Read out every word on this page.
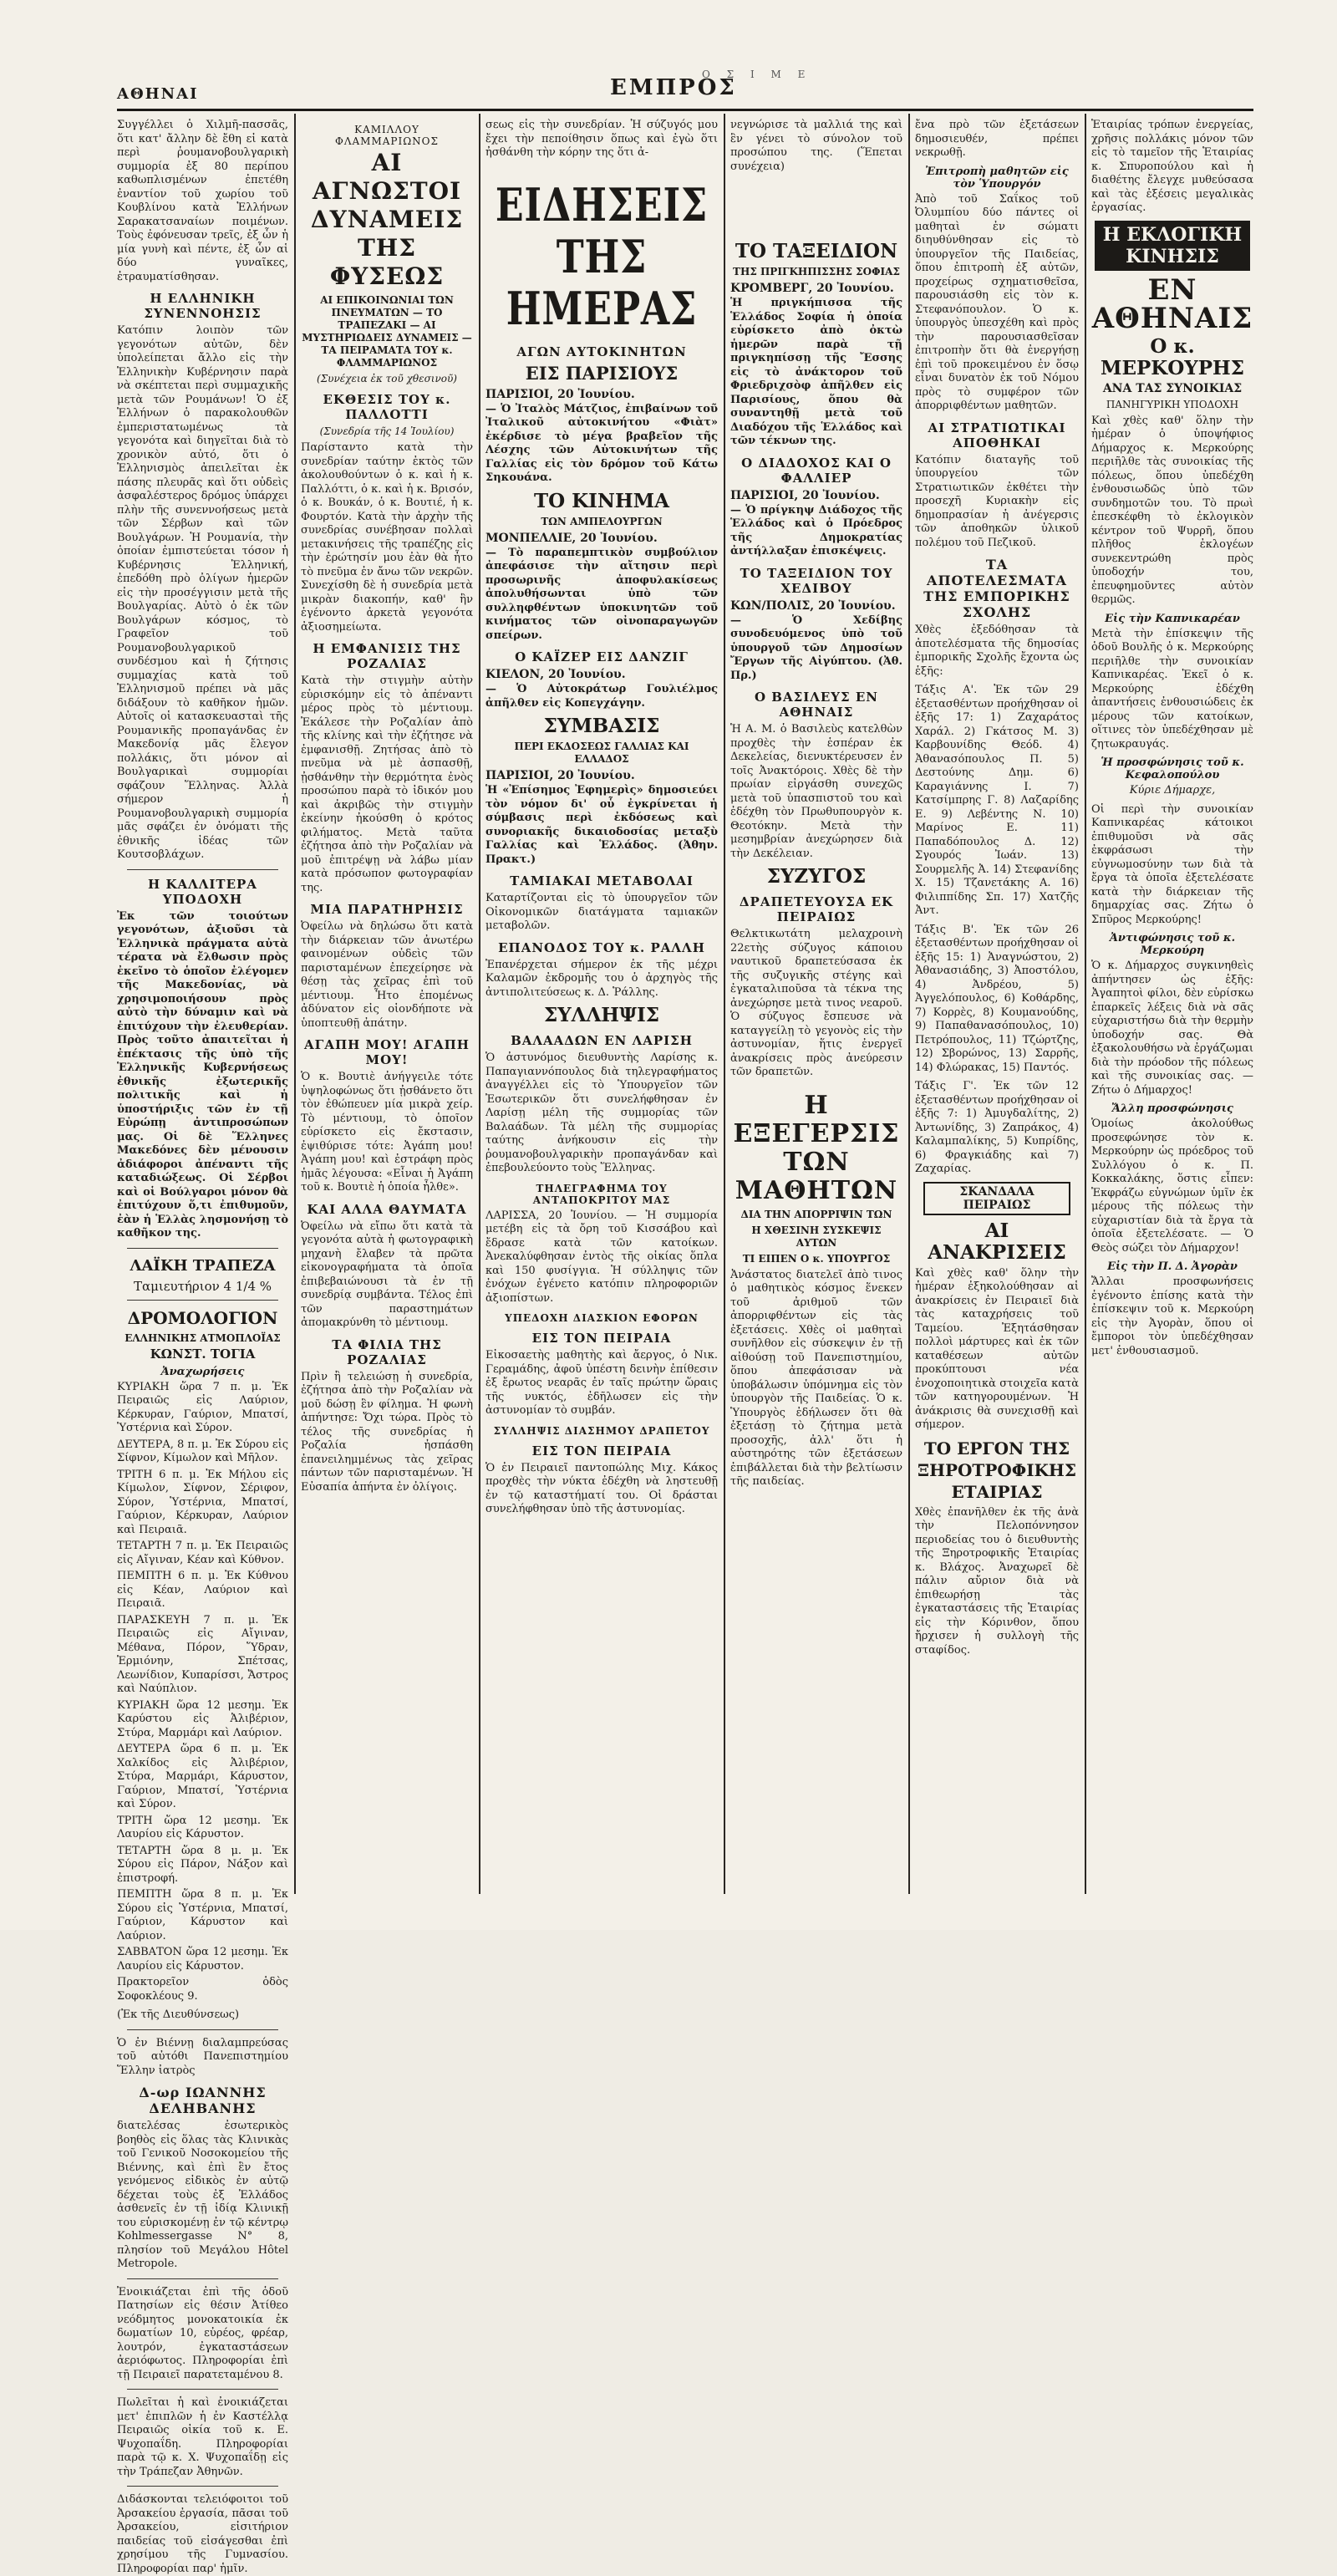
ΑΘΗΝΑΙ
Ο Σ Ι Μ Ε
ΕΜΠΡΟΣ

Συγγέλλει ὁ Χιλμῆ-πασσᾶς, ὅτι κατ' ἄλλην δὲ ἔθη εἰ κατὰ περὶ ῥουμανοβουλγαρικὴ συμμορία ἐξ 80 περίπου καθωπλισμένων ἐπετέθη ἐναντίον τοῦ χωρίου τοῦ Κουβλίνου κατὰ Ἑλλήνων Σαρακατσαναίων ποιμένων. Τοὺς ἐφόνευσαν τρεῖς, ἐξ ὧν ἡ μία γυνὴ καὶ πέντε, ἐξ ὧν αἱ δύο γυναῖκες, ἐτραυματίσθησαν.

Η ΕΛΛΗΝΙΚΗ ΣΥΝΕΝΝΟΗΣΙΣ

Κατόπιν λοιπὸν τῶν γεγονότων αὐτῶν, δὲν ὑπολείπεται ἄλλο εἰς τὴν Ἑλληνικὴν Κυβέρνησιν παρὰ νὰ σκέπτεται περὶ συμμαχικῆς μετὰ τῶν Ρουμάνων! Ὁ ἐξ Ἑλλήνων ὁ παρακολουθῶν ἐμπεριστατωμένως τὰ γεγονότα καὶ διηγεῖται διὰ τὸ χρονικὸν αὐτό, ὅτι ὁ Ἑλληνισμὸς ἀπειλεῖται ἐκ πάσης πλευρᾶς καὶ ὅτι οὐδεὶς ἀσφαλέστερος δρόμος ὑπάρχει πλὴν τῆς συνεννοήσεως μετὰ τῶν Σέρβων καὶ τῶν Βουλγάρων. Ἡ Ρουμανία, τὴν ὁποίαν ἐμπιστεύεται τόσον ἡ Κυβέρνησις Ἑλληνική, ἐπεδόθη πρὸ ὀλίγων ἡμερῶν εἰς τὴν προσέγγισιν μετὰ τῆς Βουλγαρίας. Αὐτὸ ὁ ἐκ τῶν Βουλγάρων κόσμος, τὸ Γραφεῖον τοῦ Ρουμανοβουλγαρικοῦ συνδέσμου καὶ ἡ ζήτησις συμμαχίας κατὰ τοῦ Ἑλληνισμοῦ πρέπει νὰ μᾶς διδάξουν τὸ καθῆκον ἡμῶν. Αὐτοῖς οἱ κατασκευασταὶ τῆς Ρουμανικῆς προπαγάνδας ἐν Μακεδονίᾳ μᾶς ἔλεγον πολλάκις, ὅτι μόνον αἱ Βουλγαρικαὶ συμμορίαι σφάζουν Ἕλληνας. Ἀλλὰ σήμερον ἡ Ρουμανοβουλγαρικὴ συμμορία μᾶς σφάζει ἐν ὀνόματι τῆς ἐθνικῆς ἰδέας τῶν Κουτσοβλάχων.

Η ΚΑΛΛΙΤΕΡΑ ΥΠΟΔΟΧΗ

Ἐκ τῶν τοιούτων γεγονότων, ἀξιοῦσι τὰ Ἑλληνικὰ πράγματα αὐτὰ τέρατα νὰ ἔλθωσιν πρὸς ἐκεῖνο τὸ ὁποῖον ἐλέγομεν τῆς Μακεδονίας, νὰ χρησιμοποιήσουν πρὸς αὐτὸ τὴν δύναμιν καὶ νὰ ἐπιτύχουν τὴν ἐλευθερίαν. Πρὸς τοῦτο ἀπαιτεῖται ἡ ἐπέκτασις τῆς ὑπὸ τῆς Ἑλληνικῆς Κυβερνήσεως ἐθνικῆς ἐξωτερικῆς πολιτικῆς καὶ ἡ ὑποστήριξις τῶν ἐν τῇ Εὐρώπῃ ἀντιπροσώπων μας. Οἱ δὲ Ἕλληνες Μακεδόνες δὲν μένουσιν ἀδιάφοροι ἀπέναντι τῆς καταδιώξεως. Οἱ Σέρβοι καὶ οἱ Βούλγαροι μόνον θὰ ἐπιτύχουν ὅ,τι ἐπιθυμοῦν, ἐὰν ἡ Ἑλλὰς λησμονήσῃ τὸ καθῆκον της.

ΛΑΪΚΗ ΤΡΑΠΕΖΑ
Ταμιευτήριον 4 1/4 %
ΔΡΟΜΟΛΟΓΙΟΝ
ΕΛΛΗΝΙΚΗΣ ΑΤΜΟΠΛΟΪΑΣ
ΚΩΝΣΤ. ΤΟΓΙΑ
Ἀναχωρήσεις

ΚΥΡΙΑΚΗ ὥρα 7 π. μ. Ἐκ Πειραιῶς εἰς Λαύριον, Κέρκυραν, Γαύριον, Μπατσί, Ὑστέρνια καὶ Σύρον.

ΔΕΥΤΕΡΑ, 8 π. μ. Ἐκ Σύρου εἰς Σίφνον, Κίμωλον καὶ Μῆλον.

ΤΡΙΤΗ 6 π. μ. Ἐκ Μήλου εἰς Κίμωλον, Σίφνον, Σέριφον, Σύρον, Ὑστέρνια, Μπατσί, Γαύριον, Κέρκυραν, Λαύριον καὶ Πειραιᾶ.

ΤΕΤΑΡΤΗ 7 π. μ. Ἐκ Πειραιῶς εἰς Αἴγιναν, Κέαν καὶ Κύθνον.

ΠΕΜΠΤΗ 6 π. μ. Ἐκ Κύθνου εἰς Κέαν, Λαύριον καὶ Πειραιᾶ.

ΠΑΡΑΣΚΕΥΗ 7 π. μ. Ἐκ Πειραιῶς εἰς Αἴγιναν, Μέθανα, Πόρον, Ὕδραν, Ἑρμιόνην, Σπέτσας, Λεωνίδιον, Κυπαρίσσι, Ἄστρος καὶ Ναύπλιον.

ΚΥΡΙΑΚΗ ὥρα 12 μεσημ. Ἐκ Καρύστου εἰς Ἀλιβέριον, Στύρα, Μαρμάρι καὶ Λαύριον.

ΔΕΥΤΕΡΑ ὥρα 6 π. μ. Ἐκ Χαλκίδος εἰς Ἀλιβέριον, Στύρα, Μαρμάρι, Κάρυστον, Γαύριον, Μπατσί, Ὑστέρνια καὶ Σύρον.

ΤΡΙΤΗ ὥρα 12 μεσημ. Ἐκ Λαυρίου εἰς Κάρυστον.

ΤΕΤΑΡΤΗ ὥρα 8 μ. μ. Ἐκ Σύρου εἰς Πάρον, Νάξον καὶ ἐπιστροφή.

ΠΕΜΠΤΗ ὥρα 8 π. μ. Ἐκ Σύρου εἰς Ὑστέρνια, Μπατσί, Γαύριον, Κάρυστον καὶ Λαύριον.

ΣΑΒΒΑΤΟΝ ὥρα 12 μεσημ. Ἐκ Λαυρίου εἰς Κάρυστον.

Πρακτορεῖον ὁδὸς Σοφοκλέους 9.

(Ἐκ τῆς Διευθύνσεως)

Ὁ ἐν Βιέννῃ διαλαμπρεύσας τοῦ αὐτόθι Πανεπιστημίου Ἕλλην ἰατρὸς

Δ-ωρ ΙΩΑΝΝΗΣ ΔΕΛΗΒΑΝΗΣ

διατελέσας ἐσωτερικὸς βοηθὸς εἰς ὅλας τὰς Κλινικὰς τοῦ Γενικοῦ Νοσοκομείου τῆς Βιέννης, καὶ ἐπὶ ἓν ἔτος γενόμενος εἰδικὸς ἐν αὐτῷ δέχεται τοὺς ἐξ Ἑλλάδος ἀσθενεῖς ἐν τῇ ἰδίᾳ Κλινικῇ του εὑρισκομένῃ ἐν τῷ κέντρῳ Kohlmessergasse N° 8, πλησίον τοῦ Μεγάλου Hôtel Metropole.

Ἐνοικιάζεται ἐπὶ τῆς ὁδοῦ Πατησίων εἰς θέσιν Ἀτίθεο νεόδμητος μονοκατοικία ἐκ δωματίων 10, εὐρέος, φρέαρ, λουτρόν, ἐγκαταστάσεων ἀεριόφωτος. Πληροφορίαι ἐπὶ τῇ Πειραιεῖ παρατεταμένου 8.

Πωλεῖται ἡ καὶ ἐνοικιάζεται μετ' ἐπιπλῶν ἡ ἐν Καστέλλᾳ Πειραιῶς οἰκία τοῦ κ. Ε. Ψυχοπαΐδη. Πληροφορίαι παρὰ τῷ κ. Χ. Ψυχοπαΐδῃ εἰς τὴν Τράπεζαν Ἀθηνῶν.

Διδάσκονται τελειόφοιτοι τοῦ Ἀρσακείου ἐργασία, πᾶσαι τοῦ Ἀρσακείου, εἰσιτήριον παιδείας τοῦ εἰσάγεσθαι ἐπὶ χρησίμου τῆς Γυμνασίου. Πληροφορίαι παρ' ἡμῖν.

ΚΑΜΙΛΛΟΥ ΦΛΑΜΜΑΡΙΩΝΟΣ
ΑΙ ΑΓΝΩΣΤΟΙ ΔΥΝΑΜΕΙΣ ΤΗΣ ΦΥΣΕΩΣ
ΑΙ ΕΠΙΚΟΙΝΩΝΙΑΙ ΤΩΝ ΠΝΕΥΜΑΤΩΝ — ΤΟ ΤΡΑΠΕΖΑΚΙ — ΑΙ ΜΥΣΤΗΡΙΩΔΕΙΣ ΔΥΝΑΜΕΙΣ — ΤΑ ΠΕΙΡΑΜΑΤΑ ΤΟΥ κ. ΦΛΑΜΜΑΡΙΩΝΟΣ
(Συνέχεια ἐκ τοῦ χθεσινοῦ)
ΕΚΘΕΣΙΣ ΤΟΥ κ. ΠΑΛΛΟΤΤΙ
(Συνεδρία τῆς 14 Ἰουλίου)

Παρίσταντο κατὰ τὴν συνεδρίαν ταύτην ἐκτὸς τῶν ἀκολουθούντων ὁ κ. καὶ ἡ κ. Παλλόττι, ὁ κ. καὶ ἡ κ. Βρισόν, ὁ κ. Βουκάν, ὁ κ. Βουτιέ, ἡ κ. Φουρτόν. Κατὰ τὴν ἀρχὴν τῆς συνεδρίας συνέβησαν πολλαὶ μετακινήσεις τῆς τραπέζης εἰς τὴν ἐρώτησίν μου ἐὰν θὰ ἦτο τὸ πνεῦμα ἐν ἄνω τῶν νεκρῶν. Συνεχίσθη δὲ ἡ συνεδρία μετὰ μικρὰν διακοπήν, καθ' ἣν ἐγένοντο ἀρκετὰ γεγονότα ἀξιοσημείωτα.

Η ΕΜΦΑΝΙΣΙΣ ΤΗΣ ΡΟΖΑΛΙΑΣ

Κατὰ τὴν στιγμὴν αὐτὴν εὑρισκόμην εἰς τὸ ἀπέναντι μέρος πρὸς τὸ μέντιουμ. Ἐκάλεσε τὴν Ροζαλίαν ἀπὸ τῆς κλίνης καὶ τὴν ἐζήτησε νὰ ἐμφανισθῇ. Ζητήσας ἀπὸ τὸ πνεῦμα νὰ μὲ ἀσπασθῇ, ᾐσθάνθην τὴν θερμότητα ἐνὸς προσώπου παρὰ τὸ ἰδικόν μου καὶ ἀκριβῶς τὴν στιγμὴν ἐκείνην ἠκούσθη ὁ κρότος φιλήματος. Μετὰ ταῦτα ἐζήτησα ἀπὸ τὴν Ροζαλίαν νὰ μοῦ ἐπιτρέψῃ νὰ λάβω μίαν κατὰ πρόσωπον φωτογραφίαν της.

ΜΙΑ ΠΑΡΑΤΗΡΗΣΙΣ

Ὀφείλω νὰ δηλώσω ὅτι κατὰ τὴν διάρκειαν τῶν ἀνωτέρω φαινομένων οὐδεὶς τῶν παρισταμένων ἐπεχείρησε νὰ θέσῃ τὰς χεῖρας ἐπὶ τοῦ μέντιουμ. Ἦτο ἐπομένως ἀδύνατον εἰς οἱονδήποτε νὰ ὑποπτευθῇ ἀπάτην.

ΑΓΑΠΗ ΜΟΥ! ΑΓΑΠΗ ΜΟΥ!

Ὁ κ. Βουτιὲ ἀνήγγειλε τότε ὑψηλοφώνως ὅτι ᾐσθάνετο ὅτι τὸν ἐθώπευεν μία μικρὰ χείρ. Τὸ μέντιουμ, τὸ ὁποῖον εὑρίσκετο εἰς ἔκστασιν, ἐψιθύρισε τότε: Ἀγάπη μου! Ἀγάπη μου! καὶ ἐστράφη πρὸς ἡμᾶς λέγουσα: «Εἶναι ἡ Ἀγάπη τοῦ κ. Βουτιὲ ἡ ὁποία ἦλθε».

ΚΑΙ ΑΛΛΑ ΘΑΥΜΑΤΑ

Ὀφείλω νὰ εἴπω ὅτι κατὰ τὰ γεγονότα αὐτὰ ἡ φωτογραφικὴ μηχανὴ ἔλαβεν τὰ πρῶτα εἰκονογραφήματα τὰ ὁποῖα ἐπιβεβαιώνουσι τὰ ἐν τῇ συνεδρίᾳ συμβάντα. Τέλος ἐπὶ τῶν παραστημάτων ἀπομακρύνθη τὸ μέντιουμ.

ΤΑ ΦΙΛΙΑ ΤΗΣ ΡΟΖΑΛΙΑΣ

Πρὶν ἢ τελειώσῃ ἡ συνεδρία, ἐζήτησα ἀπὸ τὴν Ροζαλίαν νὰ μοῦ δώσῃ ἓν φίλημα. Ἡ φωνὴ ἀπήντησε: Ὄχι τώρα. Πρὸς τὸ τέλος τῆς συνεδρίας ἡ Ροζαλία ἠσπάσθη ἐπανειλημμένως τὰς χεῖρας πάντων τῶν παρισταμένων. Ἡ Εὐσαπία ἀπήντα ἐν ὀλίγοις.

σεως εἰς τὴν συνεδρίαν. Ἡ σύζυγός μου ἔχει τὴν πεποίθησιν ὅπως καὶ ἐγὼ ὅτι ἠσθάνθη τὴν κόρην της ὅτι ἀ-

ΕΙΔΗΣΕΙΣ ΤΗΣ ΗΜΕΡΑΣ
ΑΓΩΝ ΑΥΤΟΚΙΝΗΤΩΝ
ΕΙΣ ΠΑΡΙΣΙΟΥΣ
ΠΑΡΙΣΙΟΙ, 20 Ἰουνίου.

— Ὁ Ἰταλὸς Μάτζιος, ἐπιβαίνων τοῦ Ἰταλικοῦ αὐτοκινήτου «Φιὰτ» ἐκέρδισε τὸ μέγα βραβεῖον τῆς Λέσχης τῶν Αὐτοκινήτων τῆς Γαλλίας εἰς τὸν δρόμον τοῦ Κάτω Σηκουάνα.

ΤΟ ΚΙΝΗΜΑ
ΤΩΝ ΑΜΠΕΛΟΥΡΓΩΝ
ΜΟΝΠΕΛΛΙΕ, 20 Ἰουνίου.

— Τὸ παραπεμπτικὸν συμβούλιον ἀπεφάσισε τὴν αἴτησιν περὶ προσωρινῆς ἀποφυλακίσεως ἀπολυθήσωνται ὑπὸ τῶν συλληφθέντων ὑποκινητῶν τοῦ κινήματος τῶν οἰνοπαραγωγῶν σπείρων.

Ο ΚΑΪΖΕΡ ΕΙΣ ΔΑΝΖΙΓ
ΚΙΕΛΟΝ, 20 Ἰουνίου.

— Ὁ Αὐτοκράτωρ Γουλιέλμος ἀπῆλθεν εἰς Κοπεγχάγην.

ΣΥΜΒΑΣΙΣ
ΠΕΡΙ ΕΚΔΟΣΕΩΣ ΓΑΛΛΙΑΣ ΚΑΙ ΕΛΛΑΔΟΣ
ΠΑΡΙΣΙΟΙ, 20 Ἰουνίου.

Ἡ «Ἐπίσημος Ἐφημερὶς» δημοσιεύει τὸν νόμον δι' οὗ ἐγκρίνεται ἡ σύμβασις περὶ ἐκδόσεως καὶ συνοριακῆς δικαιοδοσίας μεταξὺ Γαλλίας καὶ Ἑλλάδος. (Ἀθην. Πρακτ.)

ΤΑΜΙΑΚΑΙ ΜΕΤΑΒΟΛΑΙ

Καταρτίζονται εἰς τὸ ὑπουργεῖον τῶν Οἰκονομικῶν διατάγματα ταμιακῶν μεταβολῶν.

ΕΠΑΝΟΔΟΣ ΤΟΥ κ. ΡΑΛΛΗ

Ἐπανέρχεται σήμερον ἐκ τῆς μέχρι Καλαμῶν ἐκδρομῆς του ὁ ἀρχηγὸς τῆς ἀντιπολιτεύσεως κ. Δ. Ῥάλλης.

ΣΥΛΛΗΨΙΣ
ΒΑΛΑΑΔΩΝ ΕΝ ΛΑΡΙΣΗ

Ὁ ἀστυνόμος διευθυντὴς Λαρίσης κ. Παπαγιαννόπουλος διὰ τηλεγραφήματος ἀναγγέλλει εἰς τὸ Ὑπουργεῖον τῶν Ἐσωτερικῶν ὅτι συνελήφθησαν ἐν Λαρίσῃ μέλη τῆς συμμορίας τῶν Βαλαάδων. Τὰ μέλη τῆς συμμορίας ταύτης ἀνήκουσιν εἰς τὴν ῥουμανοβουλγαρικὴν προπαγάνδαν καὶ ἐπεβουλεύοντο τοὺς Ἕλληνας.

ΤΗΛΕΓΡΑΦΗΜΑ ΤΟΥ ΑΝΤΑΠΟΚΡΙΤΟΥ ΜΑΣ

ΛΑΡΙΣΣΑ, 20 Ἰουνίου. — Ἡ συμμορία μετέβη εἰς τὰ ὄρη τοῦ Κισσάβου καὶ ἔδρασε κατὰ τῶν κατοίκων. Ἀνεκαλύφθησαν ἐντὸς τῆς οἰκίας ὅπλα καὶ 150 φυσίγγια. Ἡ σύλληψις τῶν ἐνόχων ἐγένετο κατόπιν πληροφοριῶν ἀξιοπίστων.

ΥΠΕΔΟΧΗ ΔΙΑΣΚΙΟΝ ΕΦΟΡΩΝ
ΕΙΣ ΤΟΝ ΠΕΙΡΑΙΑ

Εἰκοσαετὴς μαθητὴς καὶ ἄεργος, ὁ Νικ. Γεραμάδης, ἀφοῦ ὑπέστη δεινὴν ἐπίθεσιν ἐξ ἔρωτος νεαρᾶς ἐν ταῖς πρώτην ὥραις τῆς νυκτός, ἐδῆλωσεν εἰς τὴν ἀστυνομίαν τὸ συμβάν.

ΣΥΛΛΗΨΙΣ ΔΙΑΣΗΜΟΥ ΔΡΑΠΕΤΟΥ
ΕΙΣ ΤΟΝ ΠΕΙΡΑΙΑ

Ὁ ἐν Πειραιεῖ παντοπώλης Μιχ. Κάκος προχθὲς τὴν νύκτα ἐδέχθη νὰ ληστευθῇ ἐν τῷ καταστήματί του. Οἱ δράσται συνελήφθησαν ὑπὸ τῆς ἀστυνομίας.

νεγνώρισε τὰ μαλλιά της καὶ ἓν γένει τὸ σύνολον τοῦ προσώπου της. (Ἕπεται συνέχεια)

ΤΟ ΤΑΞΕΙΔΙΟΝ
ΤΗΣ ΠΡΙΓΚΗΠΙΣΣΗΣ ΣΟΦΙΑΣ
ΚΡΟΜΒΕΡΓ, 20 Ἰουνίου.

Ἡ πριγκήπισσα τῆς Ἑλλάδος Σοφία ἡ ὁποία εὑρίσκετο ἀπὸ ὀκτὼ ἡμερῶν παρὰ τῇ πριγκηπίσσῃ τῆς Ἔσσης εἰς τὸ ἀνάκτορον τοῦ Φριεδριχσὸφ ἀπῆλθεν εἰς Παρισίους, ὅπου θὰ συναντηθῇ μετὰ τοῦ Διαδόχου τῆς Ἑλλάδος καὶ τῶν τέκνων της.

Ο ΔΙΑΔΟΧΟΣ ΚΑΙ Ο ΦΑΛΛΙΕΡ
ΠΑΡΙΣΙΟΙ, 20 Ἰουνίου.

— Ὁ πρίγκηψ Διάδοχος τῆς Ἑλλάδος καὶ ὁ Πρόεδρος τῆς Δημοκρατίας ἀντήλλαξαν ἐπισκέψεις.

ΤΟ ΤΑΞΕΙΔΙΟΝ ΤΟΥ ΧΕΔΙΒΟΥ
ΚΩΝ/ΠΟΛΙΣ, 20 Ἰουνίου.

— Ὁ Χεδίβης συνοδευόμενος ὑπὸ τοῦ ὑπουργοῦ τῶν Δημοσίων Ἔργων τῆς Αἰγύπτου. (Ἀθ. Πρ.)

Ο ΒΑΣΙΛΕΥΣ ΕΝ ΑΘΗΝΑΙΣ

Ἡ Α. Μ. ὁ Βασιλεὺς κατελθὼν προχθὲς τὴν ἑσπέραν ἐκ Δεκελείας, διενυκτέρευσεν ἐν τοῖς Ἀνακτόροις. Χθὲς δὲ τὴν πρωίαν εἰργάσθη συνεχῶς μετὰ τοῦ ὑπασπιστοῦ του καὶ ἐδέχθη τὸν Πρωθυπουργὸν κ. Θεοτόκην. Μετὰ τὴν μεσημβρίαν ἀνεχώρησεν διὰ τὴν Δεκέλειαν.

ΣΥΖΥΓΟΣ
ΔΡΑΠΕΤΕΥΟΥΣΑ ΕΚ ΠΕΙΡΑΙΩΣ

Θελκτικωτάτη μελαχροινὴ 22ετὴς σύζυγος κάποιου ναυτικοῦ δραπετεύσασα ἐκ τῆς συζυγικῆς στέγης καὶ ἐγκαταλιποῦσα τὰ τέκνα της ἀνεχώρησε μετὰ τινος νεαροῦ. Ὁ σύζυγος ἔσπευσε νὰ καταγγείλῃ τὸ γεγονὸς εἰς τὴν ἀστυνομίαν, ἥτις ἐνεργεῖ ἀνακρίσεις πρὸς ἀνεύρεσιν τῶν δραπετῶν.

Η ΕΞΕΓΕΡΣΙΣ ΤΩΝ ΜΑΘΗΤΩΝ
ΔΙΑ ΤΗΝ ΑΠΟΡΡΙΨΙΝ ΤΩΝ
Η ΧΘΕΣΙΝΗ ΣΥΣΚΕΨΙΣ ΑΥΤΩΝ
ΤΙ ΕΙΠΕΝ Ο κ. ΥΠΟΥΡΓΟΣ

Ἀνάστατος διατελεῖ ἀπὸ τινος ὁ μαθητικὸς κόσμος ἕνεκεν τοῦ ἀριθμοῦ τῶν ἀπορριφθέντων εἰς τὰς ἐξετάσεις. Χθὲς οἱ μαθηταὶ συνῆλθον εἰς σύσκεψιν ἐν τῇ αἰθούσῃ τοῦ Πανεπιστημίου, ὅπου ἀπεφάσισαν νὰ ὑποβάλωσιν ὑπόμνημα εἰς τὸν ὑπουργὸν τῆς Παιδείας. Ὁ κ. Ὑπουργὸς ἐδήλωσεν ὅτι θὰ ἐξετάσῃ τὸ ζήτημα μετὰ προσοχῆς, ἀλλ' ὅτι ἡ αὐστηρότης τῶν ἐξετάσεων ἐπιβάλλεται διὰ τὴν βελτίωσιν τῆς παιδείας.

ἔνα πρὸ τῶν ἐξετάσεων δημοσιευθέν, πρέπει νεκρωθῇ.

Ἐπιτροπὴ μαθητῶν εἰς τὸν Ὑπουργόν

Ἀπὸ τοῦ Σαΐκος τοῦ Ὀλυμπίου δύο πάντες οἱ μαθηταὶ ἐν σώματι διηυθύνθησαν εἰς τὸ ὑπουργεῖον τῆς Παιδείας, ὅπου ἐπιτροπὴ ἐξ αὐτῶν, προχείρως σχηματισθεῖσα, παρουσιάσθη εἰς τὸν κ. Στεφανόπουλον. Ὁ κ. ὑπουργὸς ὑπεσχέθη καὶ πρὸς τὴν παρουσιασθεῖσαν ἐπιτροπὴν ὅτι θὰ ἐνεργήσῃ ἐπὶ τοῦ προκειμένου ἐν ὅσῳ εἶναι δυνατὸν ἐκ τοῦ Νόμου πρὸς τὸ συμφέρον τῶν ἀπορριφθέντων μαθητῶν.

ΑΙ ΣΤΡΑΤΙΩΤΙΚΑΙ ΑΠΟΘΗΚΑΙ

Κατόπιν διαταγῆς τοῦ ὑπουργείου τῶν Στρατιωτικῶν ἐκθέτει τὴν προσεχῆ Κυριακὴν εἰς δημοπρασίαν ἡ ἀνέγερσις τῶν ἀποθηκῶν ὑλικοῦ πολέμου τοῦ Πεζικοῦ.

ΤΑ ΑΠΟΤΕΛΕΣΜΑΤΑ ΤΗΣ ΕΜΠΟΡΙΚΗΣ ΣΧΟΛΗΣ

Χθὲς ἐξεδόθησαν τὰ ἀποτελέσματα τῆς δημοσίας ἐμπορικῆς Σχολῆς ἔχοντα ὡς ἑξῆς:

Τάξις Α'. Ἐκ τῶν 29 ἐξετασθέντων προήχθησαν οἱ ἑξῆς 17: 1) Ζαχαράτος Χαράλ. 2) Γκάτσος Μ. 3) Καρβουνίδης Θεόδ. 4) Ἀθανασόπουλος Π. 5) Δεστούνης Δημ. 6) Καραγιάννης Ι. 7) Κατσίμπρης Γ. 8) Λαζαρίδης Ε. 9) Λεβέντης Ν. 10) Μαρίνος Ε. 11) Παπαδόπουλος Δ. 12) Σγουρός Ἰωάν. 13) Σουρμελῆς Ἀ. 14) Στεφανίδης Χ. 15) Τζανετάκης Α. 16) Φιλιππίδης Σπ. 17) Χατζῆς Ἀντ.

Τάξις Β'. Ἐκ τῶν 26 ἐξετασθέντων προήχθησαν οἱ ἑξῆς 15: 1) Ἀναγνώστου, 2) Ἀθανασιάδης, 3) Ἀποστόλου, 4) Ἀνδρέου, 5) Ἀγγελόπουλος, 6) Κοθάρδης, 7) Κορρὲς, 8) Κουμανούδης, 9) Παπαθανασόπουλος, 10) Πετρόπουλος, 11) Τζώρτζης, 12) Σβορώνος, 13) Σαρρῆς, 14) Φλώρακας, 15) Παντός.

Τάξις Γ'. Ἐκ τῶν 12 ἐξετασθέντων προήχθησαν οἱ ἑξῆς 7: 1) Ἀμυγδαλίτης, 2) Ἀντωνίδης, 3) Ζαπράκος, 4) Καλαμπαλίκης, 5) Κυπρίδης, 6) Φραγκιάδης καὶ 7) Ζαχαρίας.

ΣΚΑΝΔΑΛΑ ΠΕΙΡΑΙΩΣ
ΑΙ ΑΝΑΚΡΙΣΕΙΣ

Καὶ χθὲς καθ' ὅλην τὴν ἡμέραν ἐξηκολούθησαν αἱ ἀνακρίσεις ἐν Πειραιεῖ διὰ τὰς καταχρήσεις τοῦ Ταμείου. Ἐξητάσθησαν πολλοὶ μάρτυρες καὶ ἐκ τῶν καταθέσεων αὐτῶν προκύπτουσι νέα ἐνοχοποιητικὰ στοιχεῖα κατὰ τῶν κατηγορουμένων. Ἡ ἀνάκρισις θὰ συνεχισθῇ καὶ σήμερον.

ΤΟ ΕΡΓΟΝ ΤΗΣ ΞΗΡΟΤΡΟΦΙΚΗΣ ΕΤΑΙΡΙΑΣ

Χθὲς ἐπανῆλθεν ἐκ τῆς ἀνὰ τὴν Πελοπόννησον περιοδείας του ὁ διευθυντὴς τῆς Ξηροτροφικῆς Ἑταιρίας κ. Βλάχος. Ἀναχωρεῖ δὲ πάλιν αὔριον διὰ νὰ ἐπιθεωρήσῃ τὰς ἐγκαταστάσεις τῆς Ἑταιρίας εἰς τὴν Κόρινθον, ὅπου ἤρχισεν ἡ συλλογὴ τῆς σταφίδος.

Ἑταιρίας τρόπων ἐνεργείας, χρῆσις πολλάκις μόνον τῶν εἰς τὸ ταμεῖον τῆς Ἑταιρίας κ. Σπυροπούλου καὶ ἡ διαθέτης ἔλεγχε μυθεύσασα καὶ τὰς ἐξέσεις μεγαλικὰς ἐργασίας.

Η ΕΚΛΟΓΙΚΗ ΚΙΝΗΣΙΣ
ΕΝ ΑΘΗΝΑΙΣ
Ο κ. ΜΕΡΚΟΥΡΗΣ
ΑΝΑ ΤΑΣ ΣΥΝΟΙΚΙΑΣ
ΠΑΝΗΓΥΡΙΚΗ ΥΠΟΔΟΧΗ

Καὶ χθὲς καθ' ὅλην τὴν ἡμέραν ὁ ὑποψήφιος Δήμαρχος κ. Μερκούρης περιῆλθε τὰς συνοικίας τῆς πόλεως, ὅπου ὑπεδέχθη ἐνθουσιωδῶς ὑπὸ τῶν συνδημοτῶν του. Τὸ πρωὶ ἐπεσκέφθη τὸ ἐκλογικὸν κέντρον τοῦ Ψυρρῆ, ὅπου πλῆθος ἐκλογέων συνεκεντρώθη πρὸς ὑποδοχήν του, ἐπευφημοῦντες αὐτὸν θερμῶς.

Εἰς τὴν Καπνικαρέαν

Μετὰ τὴν ἐπίσκεψιν τῆς ὁδοῦ Βουλῆς ὁ κ. Μερκούρης περιῆλθε τὴν συνοικίαν Καπνικαρέας. Ἐκεῖ ὁ κ. Μερκούρης ἐδέχθη ἀπαντήσεις ἐνθουσιώδεις ἐκ μέρους τῶν κατοίκων, οἵτινες τὸν ὑπεδέχθησαν μὲ ζητωκραυγάς.

Ἡ προσφώνησις τοῦ κ. Κεφαλοπούλου

Κύριε Δήμαρχε,

Οἱ περὶ τὴν συνοικίαν Καπνικαρέας κάτοικοι ἐπιθυμοῦσι νὰ σᾶς ἐκφράσωσι τὴν εὐγνωμοσύνην των διὰ τὰ ἔργα τὰ ὁποῖα ἐξετελέσατε κατὰ τὴν διάρκειαν τῆς δημαρχίας σας. Ζήτω ὁ Σπῦρος Μερκούρης!

Ἀντιφώνησις τοῦ κ. Μερκούρη

Ὁ κ. Δήμαρχος συγκινηθεὶς ἀπήντησεν ὡς ἑξῆς: Ἀγαπητοὶ φίλοι, δὲν εὑρίσκω ἐπαρκεῖς λέξεις διὰ νὰ σᾶς εὐχαριστήσω διὰ τὴν θερμὴν ὑποδοχήν σας. Θὰ ἐξακολουθήσω νὰ ἐργάζωμαι διὰ τὴν πρόοδον τῆς πόλεως καὶ τῆς συνοικίας σας. — Ζήτω ὁ Δήμαρχος!

Ἄλλη προσφώνησις

Ὁμοίως ἀκολούθως προσεφώνησε τὸν κ. Μερκούρην ὡς πρόεδρος τοῦ Συλλόγου ὁ κ. Π. Κοκκαλάκης, ὅστις εἶπεν: Ἐκφράζω εὐγνώμων ὑμῖν ἐκ μέρους τῆς πόλεως τὴν εὐχαριστίαν διὰ τὰ ἔργα τὰ ὁποῖα ἐξετελέσατε. — Ὁ Θεὸς σώζει τὸν Δήμαρχον!

Εἰς τὴν Π. Δ. Ἀγορὰν

Ἄλλαι προσφωνήσεις ἐγένοντο ἐπίσης κατὰ τὴν ἐπίσκεψιν τοῦ κ. Μερκούρη εἰς τὴν Ἀγορὰν, ὅπου οἱ ἔμποροι τὸν ὑπεδέχθησαν μετ' ἐνθουσιασμοῦ.
